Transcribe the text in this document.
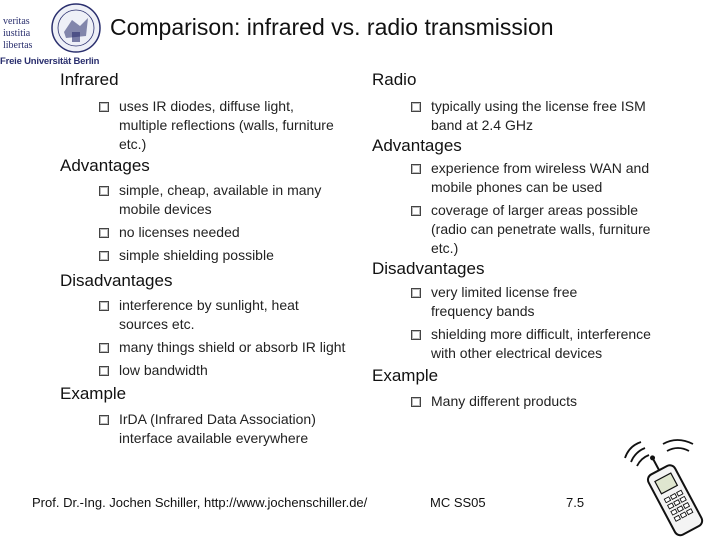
veritas
iustitia
libertas
Freie Universität Berlin
Comparison: infrared vs. radio transmission
Infrared
uses IR diodes, diffuse light, multiple reflections (walls, furniture etc.)
Advantages
simple, cheap, available in many mobile devices
no licenses needed
simple shielding possible
Disadvantages
interference by sunlight, heat sources etc.
many things shield or absorb IR light
low bandwidth
Example
IrDA (Infrared Data Association) interface available everywhere
Radio
typically using the license free ISM band at 2.4 GHz
Advantages
experience from wireless WAN and mobile phones can be used
coverage of larger areas possible (radio can penetrate walls, furniture etc.)
Disadvantages
very limited license free frequency bands
shielding more difficult, interference with other electrical devices
Example
Many different products
Prof. Dr.-Ing. Jochen Schiller, http://www.jochenschiller.de/	MC SS05	7.5
